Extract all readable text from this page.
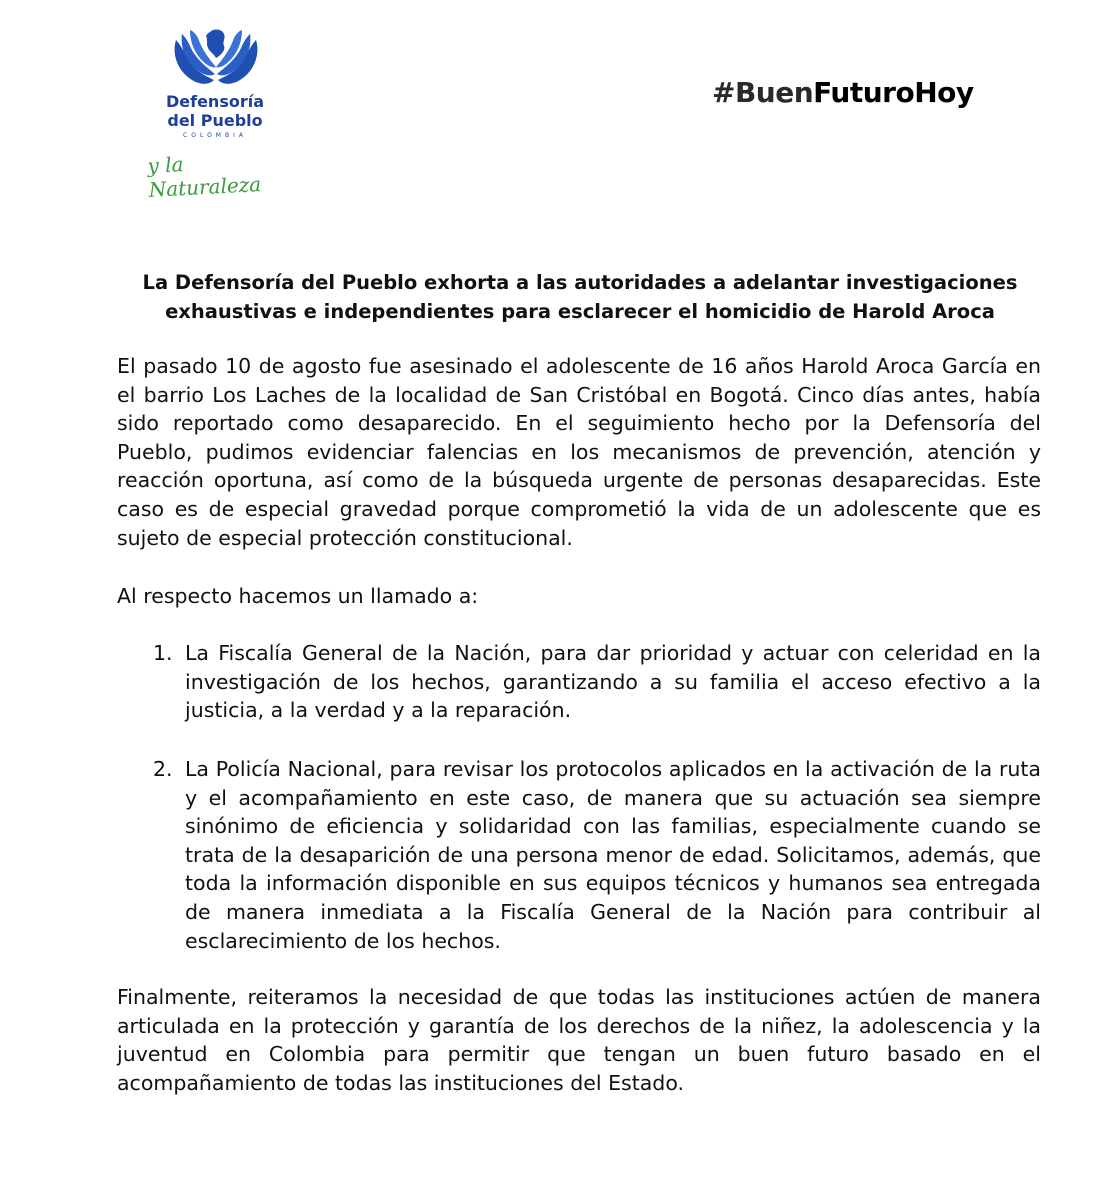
Defensoría
del Pueblo
COLOMBIA
y la Naturaleza
#BuenFuturoHoy
La Defensoría del Pueblo exhorta a las autoridades a adelantar investigaciones exhaustivas e independientes para esclarecer el homicidio de Harold Aroca
El pasado 10 de agosto fue asesinado el adolescente de 16 años Harold Aroca García en el barrio Los Laches de la localidad de San Cristóbal en Bogotá. Cinco días antes, había sido reportado como desaparecido. En el seguimiento hecho por la Defensoría del Pueblo, pudimos evidenciar falencias en los mecanismos de prevención, atención y reacción oportuna, así como de la búsqueda urgente de personas desaparecidas. Este caso es de especial gravedad porque comprometió la vida de un adolescente que es sujeto de especial protección constitucional.
Al respecto hacemos un llamado a:
1. La Fiscalía General de la Nación, para dar prioridad y actuar con celeridad en la investigación de los hechos, garantizando a su familia el acceso efectivo a la justicia, a la verdad y a la reparación.
2. La Policía Nacional, para revisar los protocolos aplicados en la activación de la ruta y el acompañamiento en este caso, de manera que su actuación sea siempre sinónimo de eficiencia y solidaridad con las familias, especialmente cuando se trata de la desaparición de una persona menor de edad. Solicitamos, además, que toda la información disponible en sus equipos técnicos y humanos sea entregada de manera inmediata a la Fiscalía General de la Nación para contribuir al esclarecimiento de los hechos.
Finalmente, reiteramos la necesidad de que todas las instituciones actúen de manera articulada en la protección y garantía de los derechos de la niñez, la adolescencia y la juventud en Colombia para permitir que tengan un buen futuro basado en el acompañamiento de todas las instituciones del Estado.
